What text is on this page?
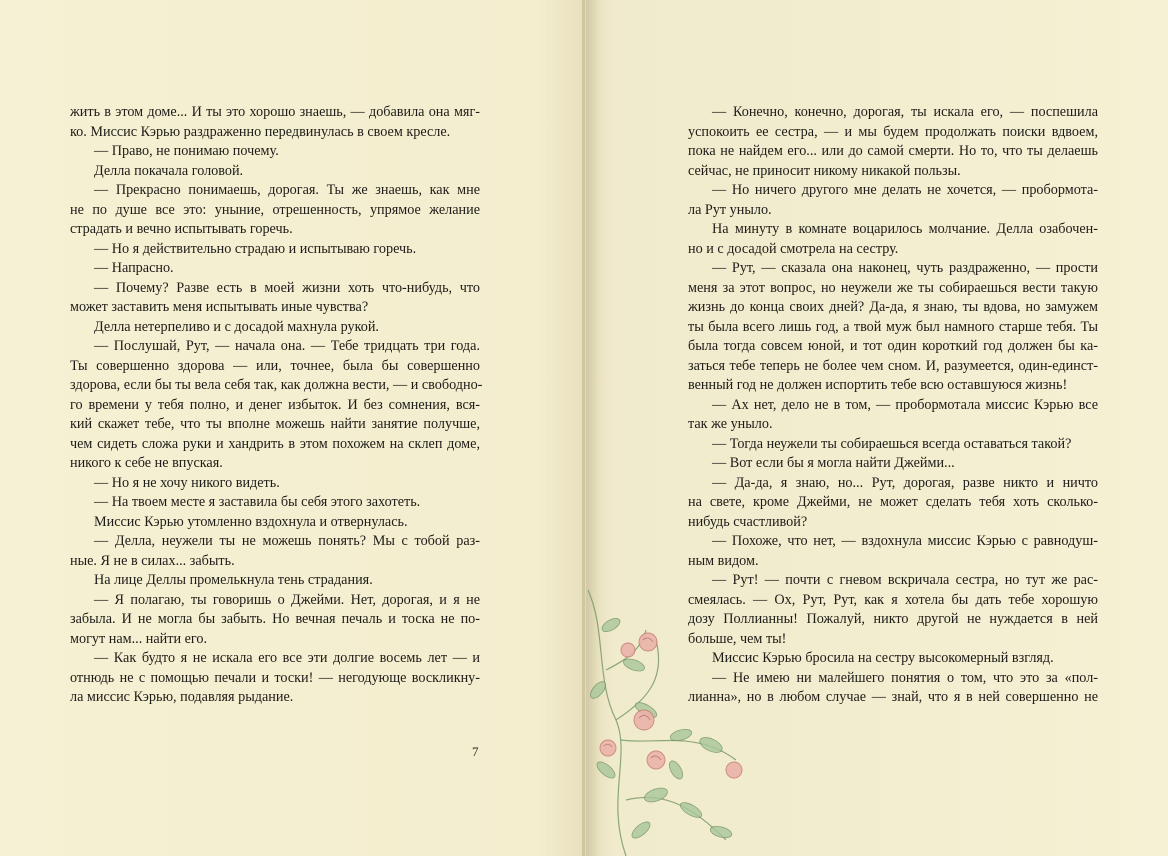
жить в этом доме... И ты это хорошо знаешь, — добавила она мяг-
ко. Миссис Кэрью раздраженно передвинулась в своем кресле.
— Право, не понимаю почему.
Делла покачала головой.
— Прекрасно понимаешь, дорогая. Ты же знаешь, как мне
не по душе все это: уныние, отрешенность, упрямое желание
страдать и вечно испытывать горечь.
— Но я действительно страдаю и испытываю горечь.
— Напрасно.
— Почему? Разве есть в моей жизни хоть что-нибудь, что
может заставить меня испытывать иные чувства?
Делла нетерпеливо и с досадой махнула рукой.
— Послушай, Рут, — начала она. — Тебе тридцать три года.
Ты совершенно здорова — или, точнее, была бы совершенно
здорова, если бы ты вела себя так, как должна вести, — и свободно-
го времени у тебя полно, и денег избыток. И без сомнения, вся-
кий скажет тебе, что ты вполне можешь найти занятие получше,
чем сидеть сложа руки и хандрить в этом похожем на склеп доме,
никого к себе не впуская.
— Но я не хочу никого видеть.
— На твоем месте я заставила бы себя этого захотеть.
Миссис Кэрью утомленно вздохнула и отвернулась.
— Делла, неужели ты не можешь понять? Мы с тобой раз-
ные. Я не в силах... забыть.
На лице Деллы промелькнула тень страдания.
— Я полагаю, ты говоришь о Джейми. Нет, дорогая, и я не
забыла. И не могла бы забыть. Но вечная печаль и тоска не по-
могут нам... найти его.
— Как будто я не искала его все эти долгие восемь лет — и
отнюдь не с помощью печали и тоски! — негодующе воскликну-
ла миссис Кэрью, подавляя рыдание.
7
— Конечно, конечно, дорогая, ты искала его, — поспешила
успокоить ее сестра, — и мы будем продолжать поиски вдвоем,
пока не найдем его... или до самой смерти. Но то, что ты делаешь
сейчас, не приносит никому никакой пользы.
— Но ничего другого мне делать не хочется, — пробормота-
ла Рут уныло.
На минуту в комнате воцарилось молчание. Делла озабочен-
но и с досадой смотрела на сестру.
— Рут, — сказала она наконец, чуть раздраженно, — прости
меня за этот вопрос, но неужели же ты собираешься вести такую
жизнь до конца своих дней? Да-да, я знаю, ты вдова, но замужем
ты была всего лишь год, а твой муж был намного старше тебя. Ты
была тогда совсем юной, и тот один короткий год должен бы ка-
заться тебе теперь не более чем сном. И, разумеется, один-единст-
венный год не должен испортить тебе всю оставшуюся жизнь!
— Ах нет, дело не в том, — пробормотала миссис Кэрью все
так же уныло.
— Тогда неужели ты собираешься всегда оставаться такой?
— Вот если бы я могла найти Джейми...
— Да-да, я знаю, но... Рут, дорогая, разве никто и ничто
на свете, кроме Джейми, не может сделать тебя хоть сколько-
нибудь счастливой?
— Похоже, что нет, — вздохнула миссис Кэрью с равнодуш-
ным видом.
— Рут! — почти с гневом вскричала сестра, но тут же рас-
смеялась. — Ох, Рут, Рут, как я хотела бы дать тебе хорошую
дозу Поллианны! Пожалуй, никто другой не нуждается в ней
больше, чем ты!
Миссис Кэрью бросила на сестру высокомерный взгляд.
— Не имею ни малейшего понятия о том, что это за «пол-
лианна», но в любом случае — знай, что я в ней совершенно не
